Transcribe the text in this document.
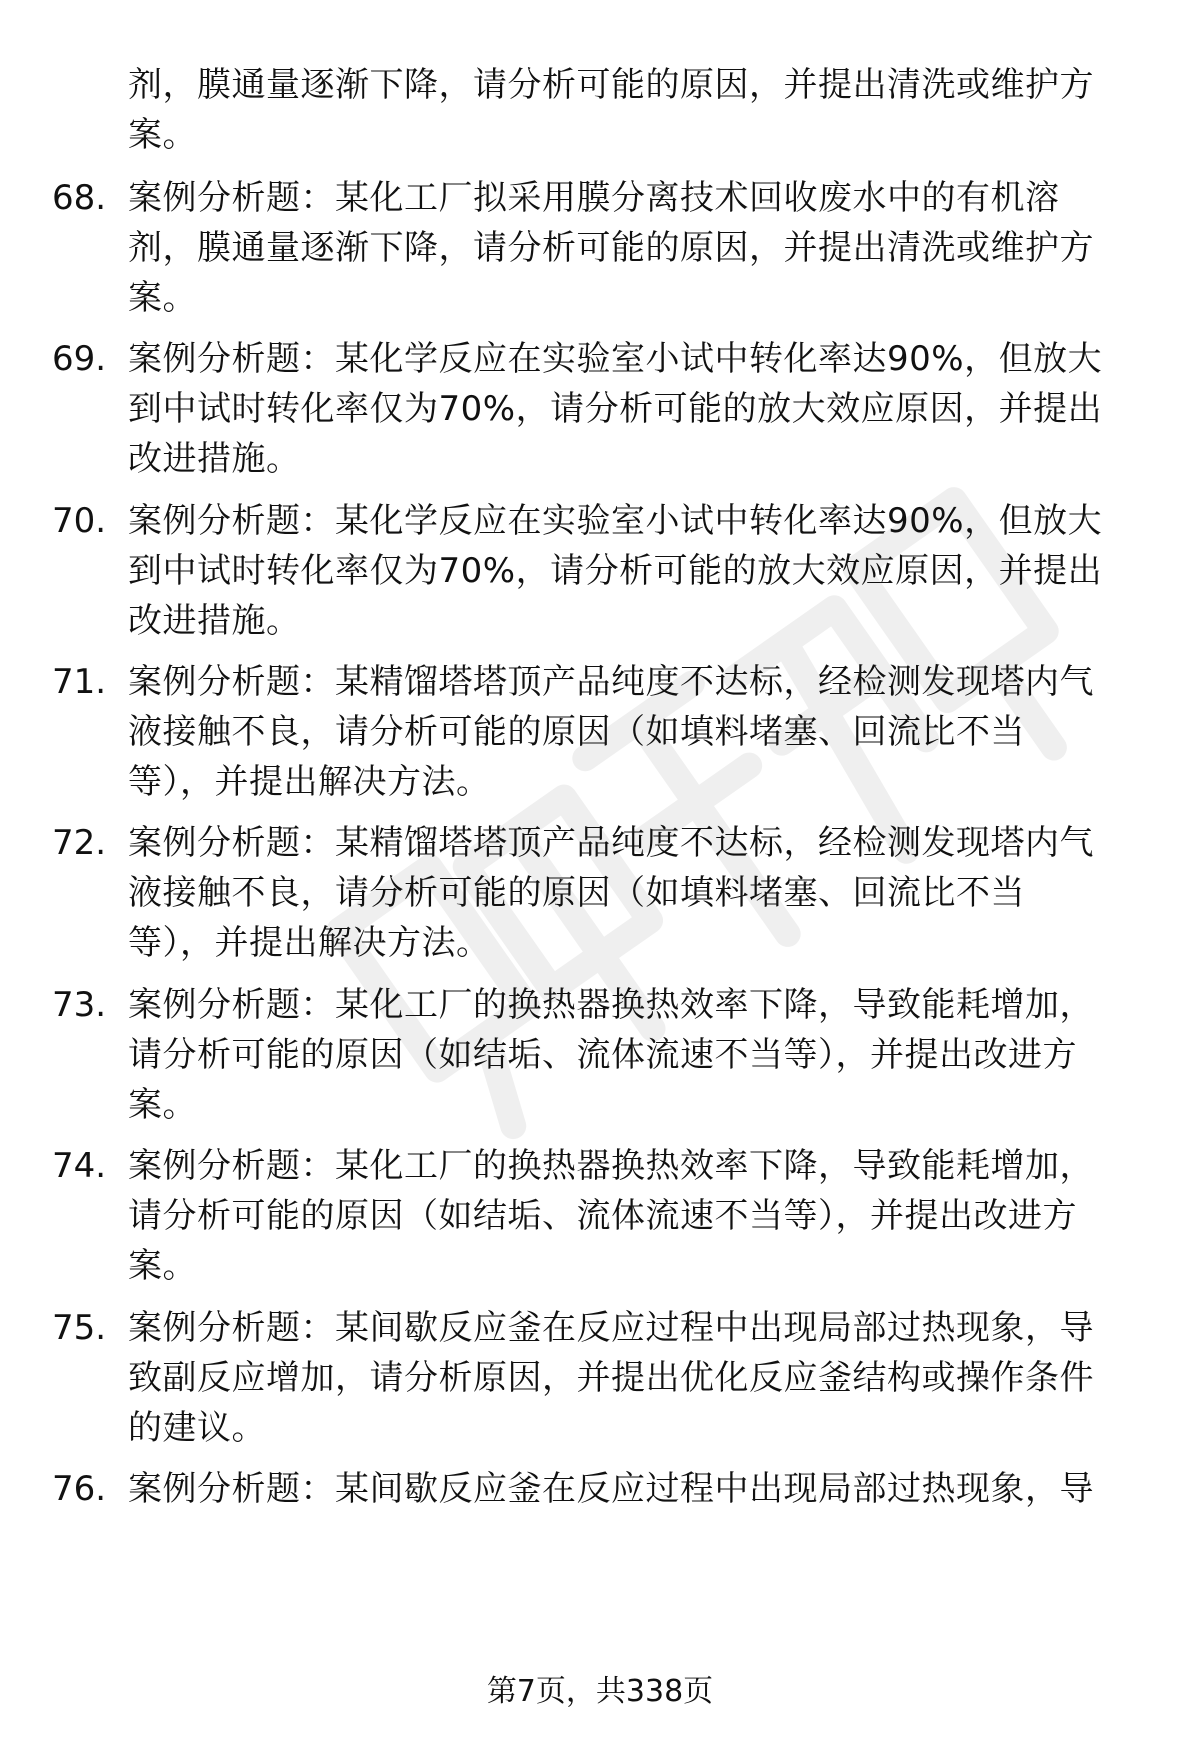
剂，膜通量逐渐下降，请分析可能的原因，并提出清洗或维护方
案。
68. 案例分析题：某化工厂拟采用膜分离技术回收废水中的有机溶
剂，膜通量逐渐下降，请分析可能的原因，并提出清洗或维护方
案。
69. 案例分析题：某化学反应在实验室小试中转化率达90%，但放大
到中试时转化率仅为70%，请分析可能的放大效应原因，并提出
改进措施。
70. 案例分析题：某化学反应在实验室小试中转化率达90%，但放大
到中试时转化率仅为70%，请分析可能的放大效应原因，并提出
改进措施。
71. 案例分析题：某精馏塔塔顶产品纯度不达标，经检测发现塔内气
液接触不良，请分析可能的原因（如填料堵塞、回流比不当
等），并提出解决方法。
72. 案例分析题：某精馏塔塔顶产品纯度不达标，经检测发现塔内气
液接触不良，请分析可能的原因（如填料堵塞、回流比不当
等），并提出解决方法。
73. 案例分析题：某化工厂的换热器换热效率下降，导致能耗增加，
请分析可能的原因（如结垢、流体流速不当等），并提出改进方
案。
74. 案例分析题：某化工厂的换热器换热效率下降，导致能耗增加，
请分析可能的原因（如结垢、流体流速不当等），并提出改进方
案。
75. 案例分析题：某间歇反应釜在反应过程中出现局部过热现象，导
致副反应增加，请分析原因，并提出优化反应釜结构或操作条件
的建议。
76. 案例分析题：某间歇反应釜在反应过程中出现局部过热现象，导
第7页，共338页
